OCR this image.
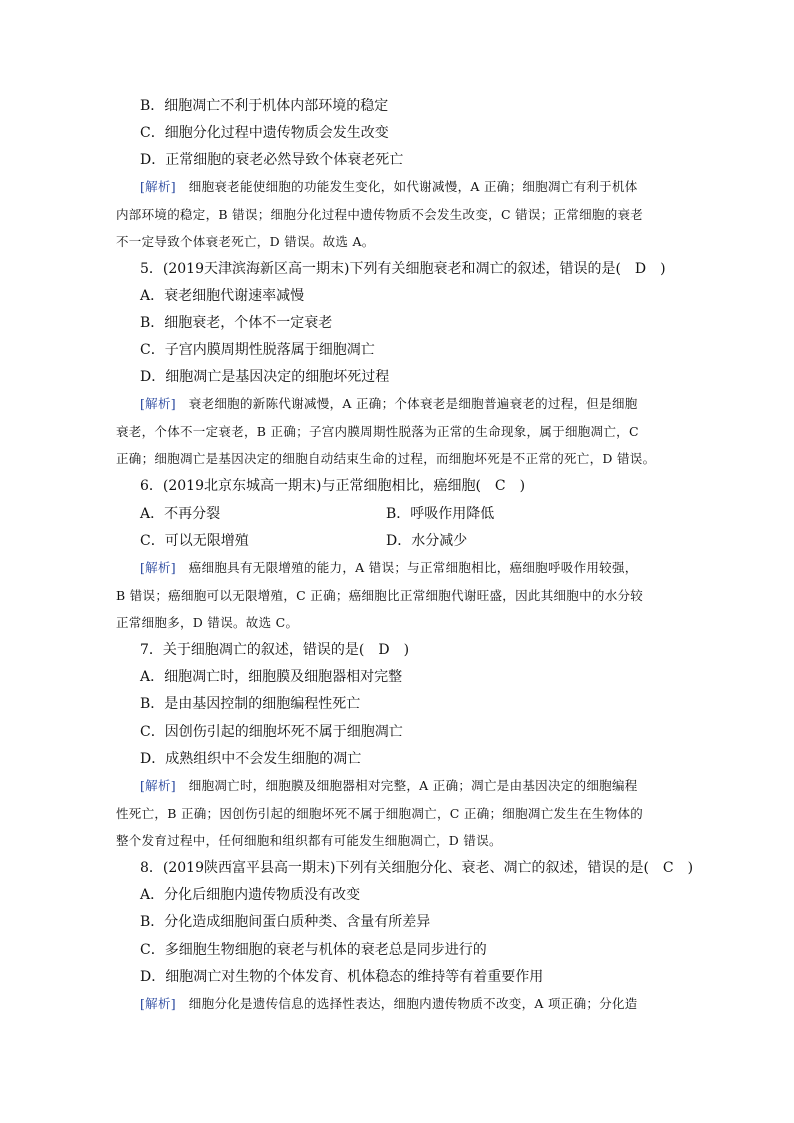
B．细胞凋亡不利于机体内部环境的稳定
C．细胞分化过程中遗传物质会发生改变
D．正常细胞的衰老必然导致个体衰老死亡
[解析]　细胞衰老能使细胞的功能发生变化，如代谢减慢，A 正确；细胞凋亡有利于机体
内部环境的稳定，B 错误；细胞分化过程中遗传物质不会发生改变，C 错误；正常细胞的衰老
不一定导致个体衰老死亡，D 错误。故选 A。
5．(2019天津滨海新区高一期末)下列有关细胞衰老和凋亡的叙述，错误的是(　D　)
A．衰老细胞代谢速率减慢
B．细胞衰老，个体不一定衰老
C．子宫内膜周期性脱落属于细胞凋亡
D．细胞凋亡是基因决定的细胞坏死过程
[解析]　衰老细胞的新陈代谢减慢，A 正确；个体衰老是细胞普遍衰老的过程，但是细胞
衰老，个体不一定衰老，B 正确；子宫内膜周期性脱落为正常的生命现象，属于细胞凋亡，C
正确；细胞凋亡是基因决定的细胞自动结束生命的过程，而细胞坏死是不正常的死亡，D 错误。
6．(2019北京东城高一期末)与正常细胞相比，癌细胞(　C　)
A．不再分裂	B．呼吸作用降低
C．可以无限增殖	D．水分减少
[解析]　癌细胞具有无限增殖的能力，A 错误；与正常细胞相比，癌细胞呼吸作用较强，
B 错误；癌细胞可以无限增殖，C 正确；癌细胞比正常细胞代谢旺盛，因此其细胞中的水分较
正常细胞多，D 错误。故选 C。
7．关于细胞凋亡的叙述，错误的是(　D　)
A．细胞凋亡时，细胞膜及细胞器相对完整
B．是由基因控制的细胞编程性死亡
C．因创伤引起的细胞坏死不属于细胞凋亡
D．成熟组织中不会发生细胞的凋亡
[解析]　细胞凋亡时，细胞膜及细胞器相对完整，A 正确；凋亡是由基因决定的细胞编程
性死亡，B 正确；因创伤引起的细胞坏死不属于细胞凋亡，C 正确；细胞凋亡发生在生物体的
整个发育过程中，任何细胞和组织都有可能发生细胞凋亡，D 错误。
8．(2019陕西富平县高一期末)下列有关细胞分化、衰老、凋亡的叙述，错误的是(　C　)
A．分化后细胞内遗传物质没有改变
B．分化造成细胞间蛋白质种类、含量有所差异
C．多细胞生物细胞的衰老与机体的衰老总是同步进行的
D．细胞凋亡对生物的个体发育、机体稳态的维持等有着重要作用
[解析]　细胞分化是遗传信息的选择性表达，细胞内遗传物质不改变，A 项正确；分化造
